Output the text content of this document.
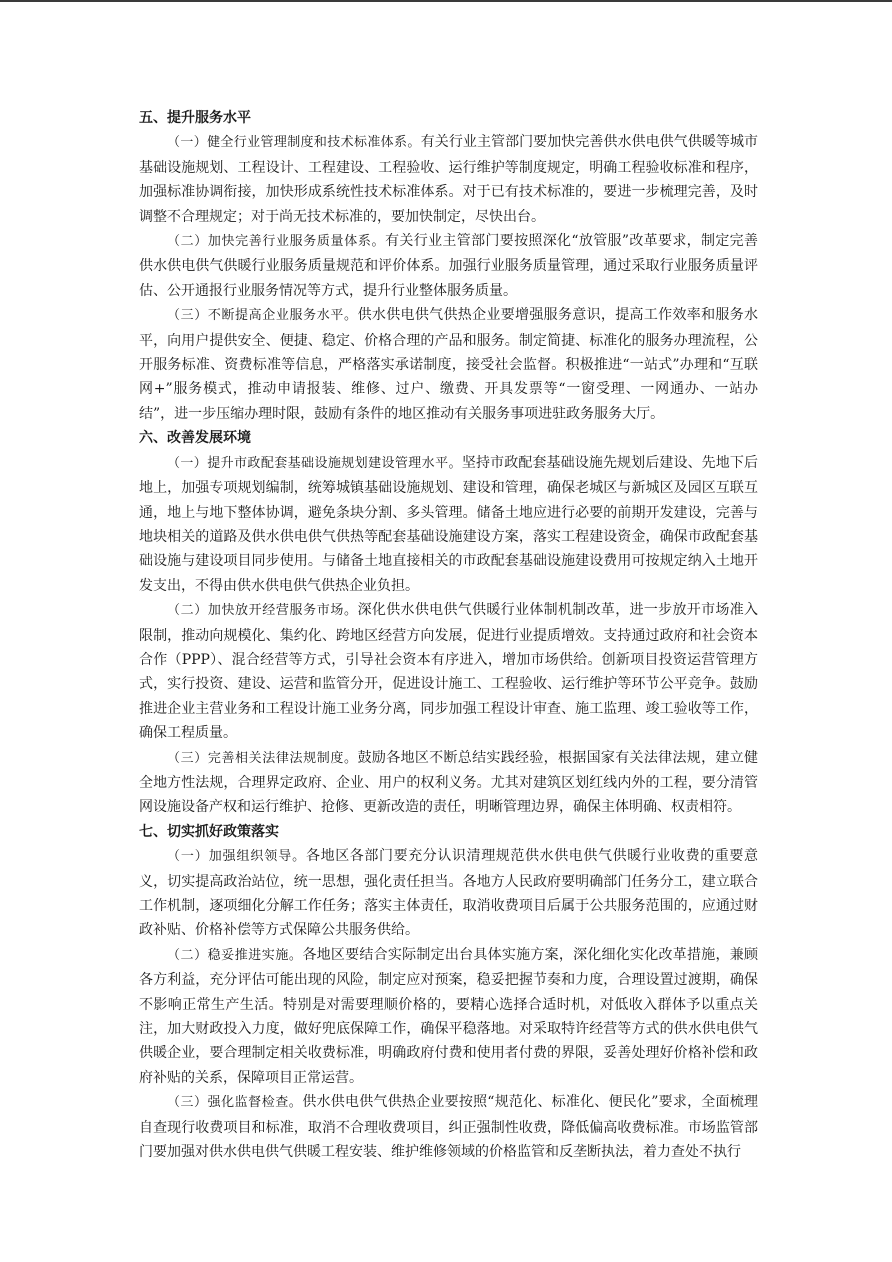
五、提升服务水平

（一）健全行业管理制度和技术标准体系。有关行业主管部门要加快完善供水供电供气供暖等城市基础设施规划、工程设计、工程建设、工程验收、运行维护等制度规定，明确工程验收标准和程序，加强标准协调衔接，加快形成系统性技术标准体系。对于已有技术标准的，要进一步梳理完善，及时调整不合理规定；对于尚无技术标准的，要加快制定，尽快出台。

（二）加快完善行业服务质量体系。有关行业主管部门要按照深化“放管服”改革要求，制定完善供水供电供气供暖行业服务质量规范和评价体系。加强行业服务质量管理，通过采取行业服务质量评估、公开通报行业服务情况等方式，提升行业整体服务质量。

（三）不断提高企业服务水平。供水供电供气供热企业要增强服务意识，提高工作效率和服务水平，向用户提供安全、便捷、稳定、价格合理的产品和服务。制定简捷、标准化的服务办理流程，公开服务标准、资费标准等信息，严格落实承诺制度，接受社会监督。积极推进“一站式”办理和“互联网+”服务模式，推动申请报装、维修、过户、缴费、开具发票等“一窗受理、一网通办、一站办结”，进一步压缩办理时限，鼓励有条件的地区推动有关服务事项进驻政务服务大厅。

六、改善发展环境

（一）提升市政配套基础设施规划建设管理水平。坚持市政配套基础设施先规划后建设、先地下后地上，加强专项规划编制，统筹城镇基础设施规划、建设和管理，确保老城区与新城区及园区互联互通，地上与地下整体协调，避免条块分割、多头管理。储备土地应进行必要的前期开发建设，完善与地块相关的道路及供水供电供气供热等配套基础设施建设方案，落实工程建设资金，确保市政配套基础设施与建设项目同步使用。与储备土地直接相关的市政配套基础设施建设费用可按规定纳入土地开发支出，不得由供水供电供气供热企业负担。

（二）加快放开经营服务市场。深化供水供电供气供暖行业体制机制改革，进一步放开市场准入限制，推动向规模化、集约化、跨地区经营方向发展，促进行业提质增效。支持通过政府和社会资本合作（PPP）、混合经营等方式，引导社会资本有序进入，增加市场供给。创新项目投资运营管理方式，实行投资、建设、运营和监管分开，促进设计施工、工程验收、运行维护等环节公平竞争。鼓励推进企业主营业务和工程设计施工业务分离，同步加强工程设计审查、施工监理、竣工验收等工作，确保工程质量。

（三）完善相关法律法规制度。鼓励各地区不断总结实践经验，根据国家有关法律法规，建立健全地方性法规，合理界定政府、企业、用户的权利义务。尤其对建筑区划红线内外的工程，要分清管网设施设备产权和运行维护、抢修、更新改造的责任，明晰管理边界，确保主体明确、权责相符。

七、切实抓好政策落实

（一）加强组织领导。各地区各部门要充分认识清理规范供水供电供气供暖行业收费的重要意义，切实提高政治站位，统一思想，强化责任担当。各地方人民政府要明确部门任务分工，建立联合工作机制，逐项细化分解工作任务；落实主体责任，取消收费项目后属于公共服务范围的，应通过财政补贴、价格补偿等方式保障公共服务供给。

（二）稳妥推进实施。各地区要结合实际制定出台具体实施方案，深化细化实化改革措施，兼顾各方利益，充分评估可能出现的风险，制定应对预案，稳妥把握节奏和力度，合理设置过渡期，确保不影响正常生产生活。特别是对需要理顺价格的，要精心选择合适时机，对低收入群体予以重点关注，加大财政投入力度，做好兜底保障工作，确保平稳落地。对采取特许经营等方式的供水供电供气供暖企业，要合理制定相关收费标准，明确政府付费和使用者付费的界限，妥善处理好价格补偿和政府补贴的关系，保障项目正常运营。

（三）强化监督检查。供水供电供气供热企业要按照“规范化、标准化、便民化”要求，全面梳理自查现行收费项目和标准，取消不合理收费项目，纠正强制性收费，降低偏高收费标准。市场监管部门要加强对供水供电供气供暖工程安装、维护维修领域的价格监管和反垄断执法，着力查处不执行
